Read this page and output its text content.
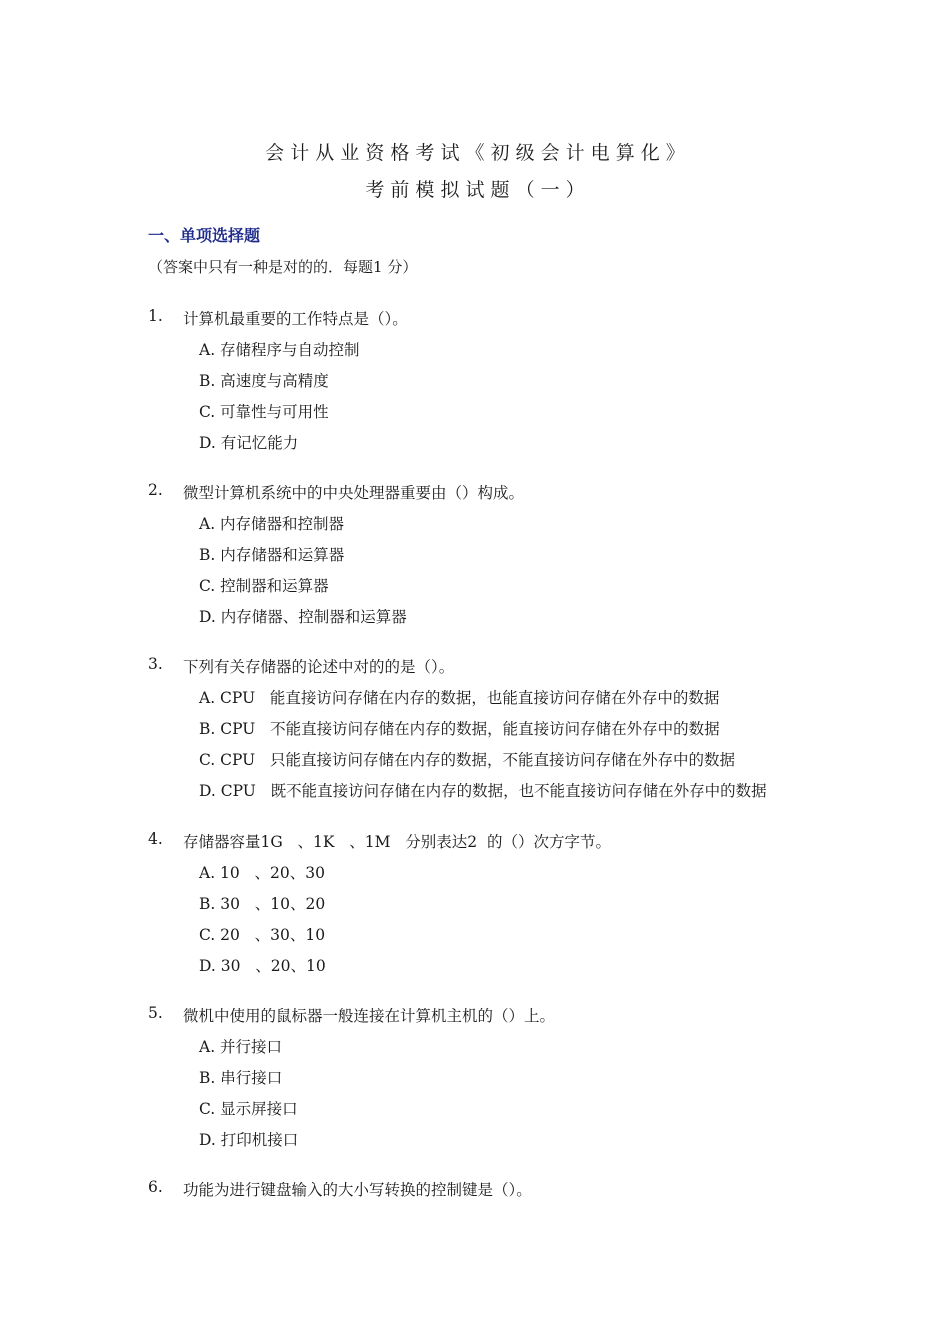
会 计 从 业 资 格 考 试 《 初 级 会 计 电 算 化 》
考 前 模 拟 试 题 （ 一 ）
一、单项选择题
（答案中只有一种是对的的．每题1 分）
1. 计算机最重要的工作特点是（）。
A. 存储程序与自动控制
B. 高速度与高精度
C. 可靠性与可用性
D. 有记忆能力
2. 微型计算机系统中的中央处理器重要由（）构成。
A. 内存储器和控制器
B. 内存储器和运算器
C. 控制器和运算器
D. 内存储器、控制器和运算器
3. 下列有关存储器的论述中对的的是（）。
A. CPU   能直接访问存储在内存的数据，也能直接访问存储在外存中的数据
B. CPU   不能直接访问存储在内存的数据，能直接访问存储在外存中的数据
C. CPU   只能直接访问存储在内存的数据，不能直接访问存储在外存中的数据
D. CPU   既不能直接访问存储在内存的数据，也不能直接访问存储在外存中的数据
4. 存储器容量1G   、1K   、1M   分别表达2  的（）次方字节。
A. 10   、20、30
B. 30   、10、20
C. 20   、30、10
D. 30   、20、10
5. 微机中使用的鼠标器一般连接在计算机主机的（）上。
A. 并行接口
B. 串行接口
C. 显示屏接口
D. 打印机接口
6. 功能为进行键盘输入的大小写转换的控制键是（）。
